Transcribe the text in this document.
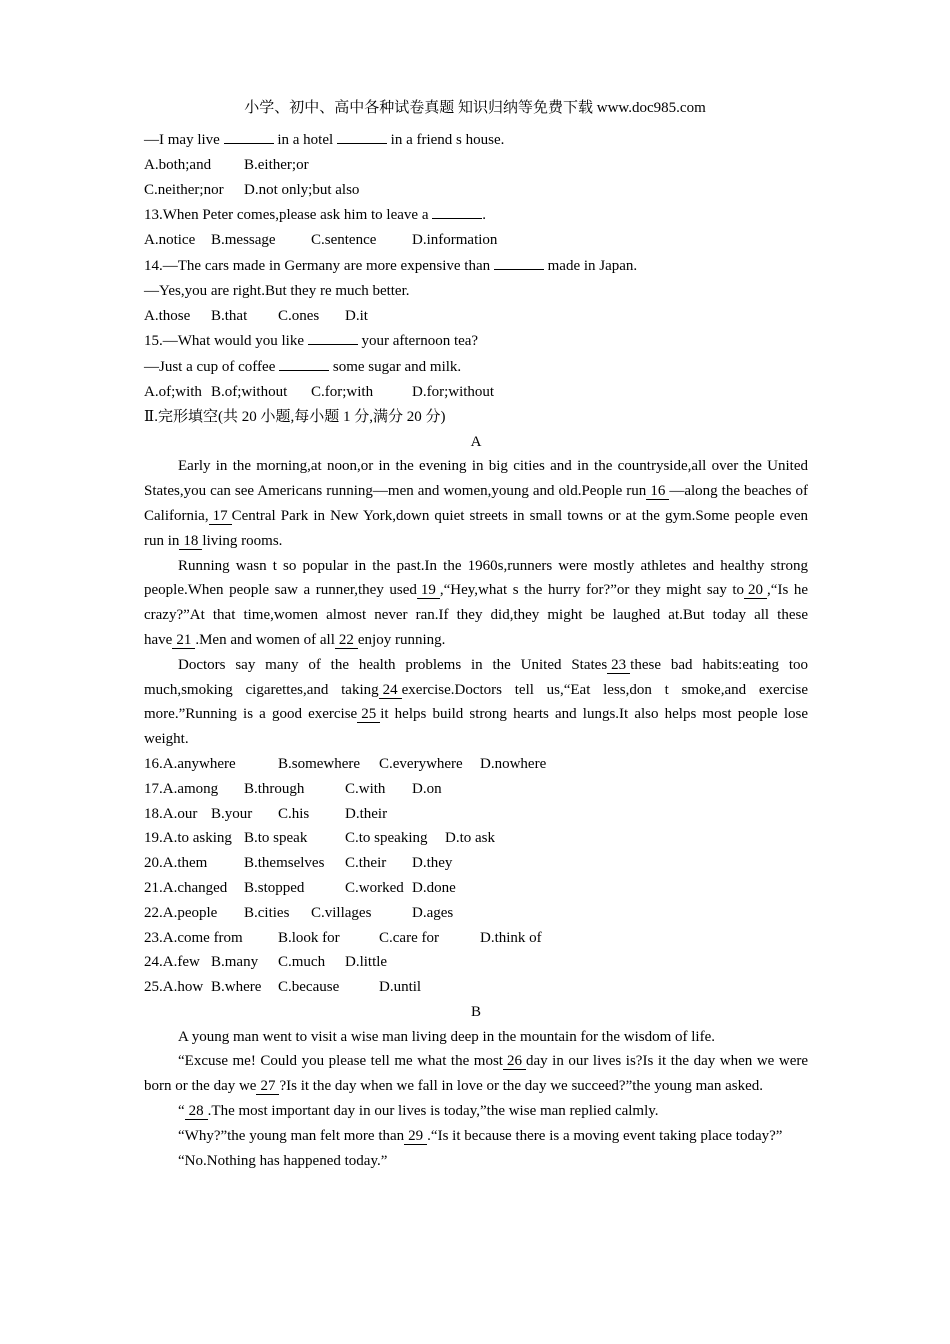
小学、初中、高中各种试卷真题 知识归纳等免费下载 www.doc985.com
—I may live	in a hotel	in a friend s house.
A.both;and	B.either;or
C.neither;nor	D.not only;but also
13.When Peter comes,please ask him to leave a	.
A.notice	B.message	C.sentence	D.information
14.—The cars made in Germany are more expensive than	made in Japan.
—Yes,you are right.But they re much better.
A.those	B.that	C.ones	D.it
15.—What would you like	your afternoon tea?
—Just a cup of coffee	some sugar and milk.
A.of;with B.of;without	C.for;with	D.for;without
Ⅱ.完形填空(共 20 小题,每小题 1 分,满分 20 分)
A
Early in the morning,at noon,or in the evening in big cities and in the countryside,all over the United States,you can see Americans running—men and women,young and old.People run 16 —along the beaches of California, 17 Central Park in New York,down quiet streets in small towns or at the gym.Some people even run in 18 living rooms.
Running wasn t so popular in the past.In the 1960s,runners were mostly athletes and healthy strong people.When people saw a runner,they used 19 ,“Hey,what s the hurry for?”or they might say to 20 ,“Is he crazy?”At that time,women almost never ran.If they did,they might be laughed at.But today all these have 21 .Men and women of all 22 enjoy running.
Doctors say many of the health problems in the United States 23 these bad habits:eating too much,smoking cigarettes,and taking 24 exercise.Doctors tell us,“Eat less,don t smoke,and exercise more.”Running is a good exercise 25 it helps build strong hearts and lungs.It also helps most people lose weight.
16.A.anywhere	B.somewhere	C.everywhere	D.nowhere
17.A.among	B.through	C.with	D.on
18.A.our B.your	C.his	D.their
19.A.to asking B.to speak	C.to speaking	D.to ask
20.A.them	B.themselves	C.their	D.they
21.A.changed	B.stopped	C.worked D.done
22.A.people	B.cities	C.villages	D.ages
23.A.come from	B.look for	C.care for	D.think of
24.A.few B.many	C.much	D.little
25.A.how B.where	C.because	D.until
B
A young man went to visit a wise man living deep in the mountain for the wisdom of life.
“Excuse me! Could you please tell me what the most 26 day in our lives is?Is it the day when we were born or the day we 27 ?Is it the day when we fall in love or the day we succeed?”the young man asked.
“ 28 .The most important day in our lives is today,”the wise man replied calmly.
“Why?”the young man felt more than 29 .“Is it because there is a moving event taking place today?”
“No.Nothing has happened today.”
